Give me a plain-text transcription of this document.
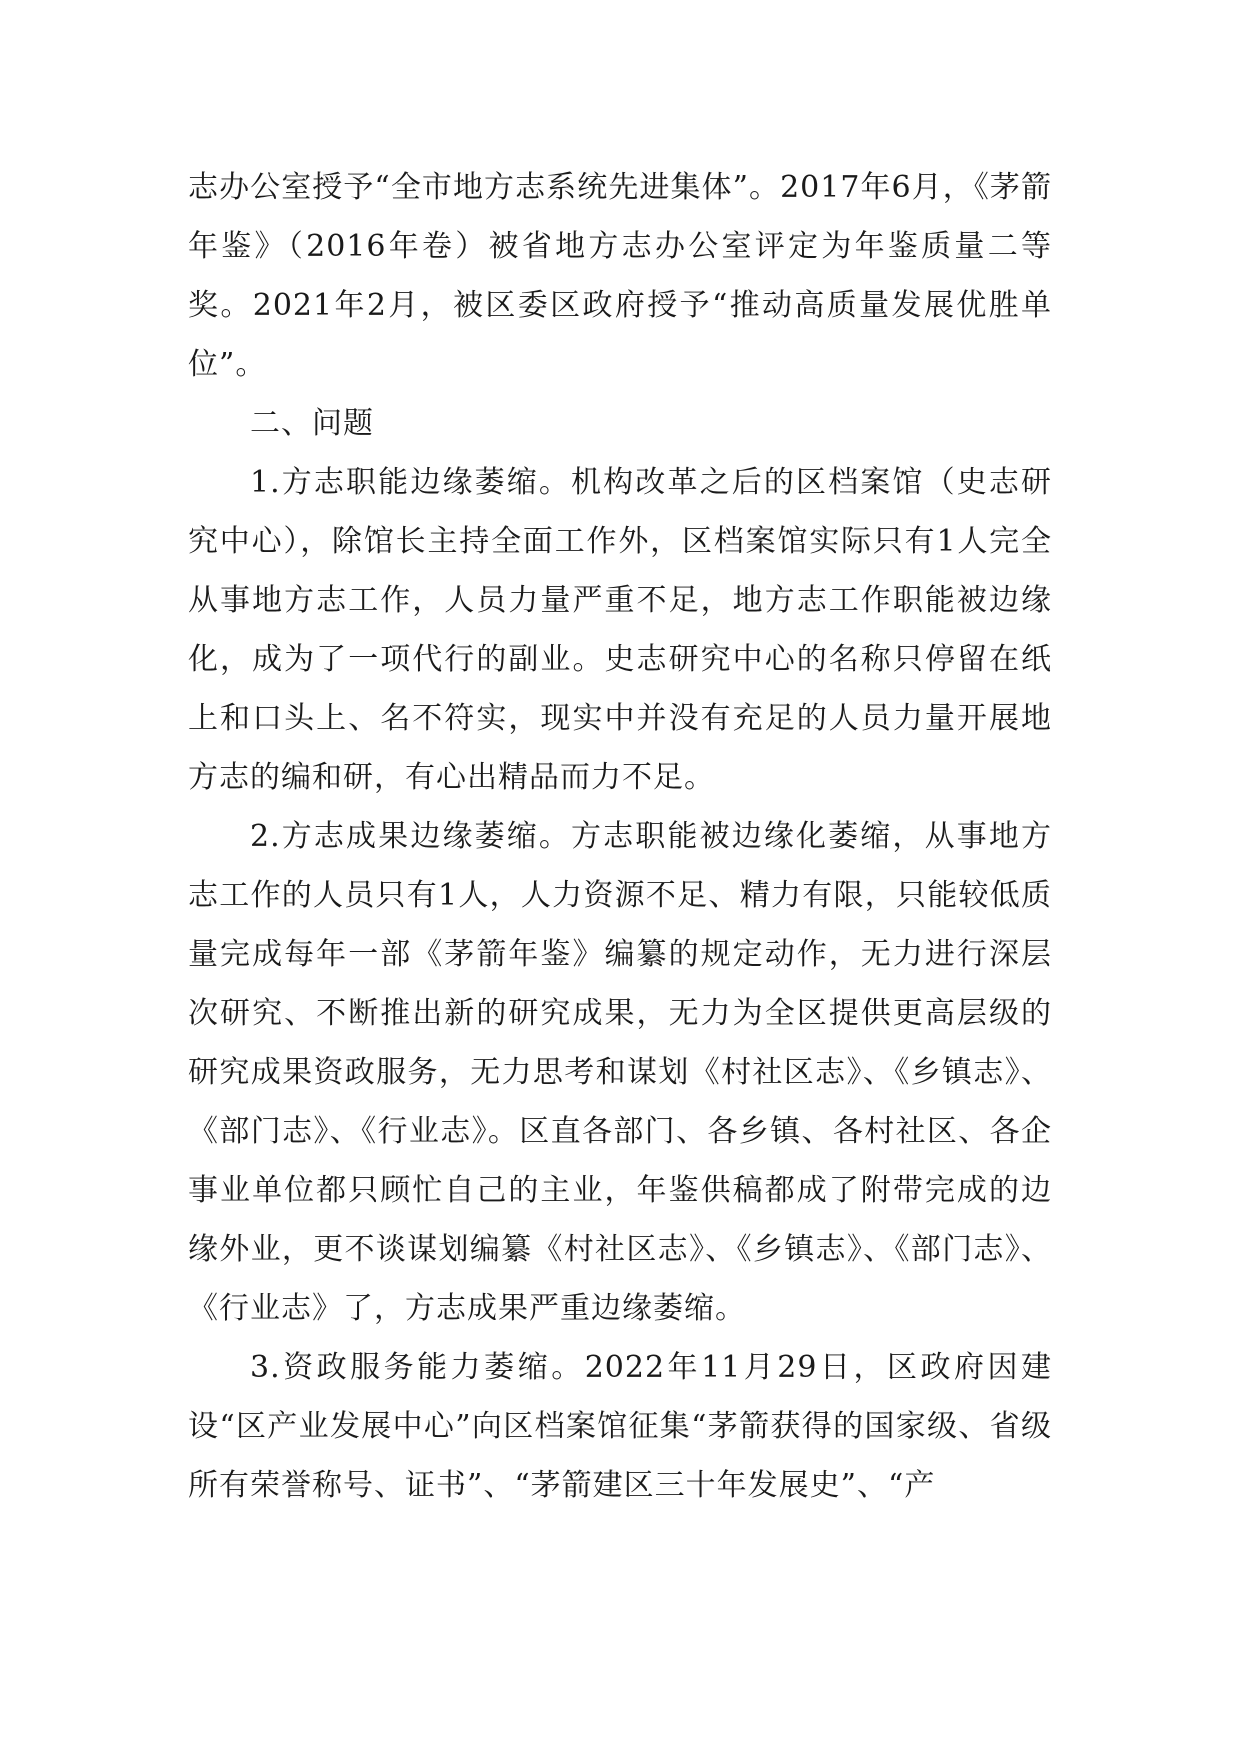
志办公室授予“全市地方志系统先进集体”。2017年6月，《茅箭年鉴》（2016年卷）被省地方志办公室评定为年鉴质量二等奖。2021年2月，被区委区政府授予“推动高质量发展优胜单位”。

二、问题

1.方志职能边缘萎缩。机构改革之后的区档案馆（史志研究中心），除馆长主持全面工作外，区档案馆实际只有1人完全从事地方志工作，人员力量严重不足，地方志工作职能被边缘化，成为了一项代行的副业。史志研究中心的名称只停留在纸上和口头上、名不符实，现实中并没有充足的人员力量开展地方志的编和研，有心出精品而力不足。

2.方志成果边缘萎缩。方志职能被边缘化萎缩，从事地方志工作的人员只有1人，人力资源不足、精力有限，只能较低质量完成每年一部《茅箭年鉴》编纂的规定动作，无力进行深层次研究、不断推出新的研究成果，无力为全区提供更高层级的研究成果资政服务，无力思考和谋划《村社区志》、《乡镇志》、《部门志》、《行业志》。区直各部门、各乡镇、各村社区、各企事业单位都只顾忙自己的主业，年鉴供稿都成了附带完成的边缘外业，更不谈谋划编纂《村社区志》、《乡镇志》、《部门志》、《行业志》了，方志成果严重边缘萎缩。

3.资政服务能力萎缩。2022年11月29日，区政府因建设“区产业发展中心”向区档案馆征集“茅箭获得的国家级、省级所有荣誉称号、证书”、“茅箭建区三十年发展史”、“产
